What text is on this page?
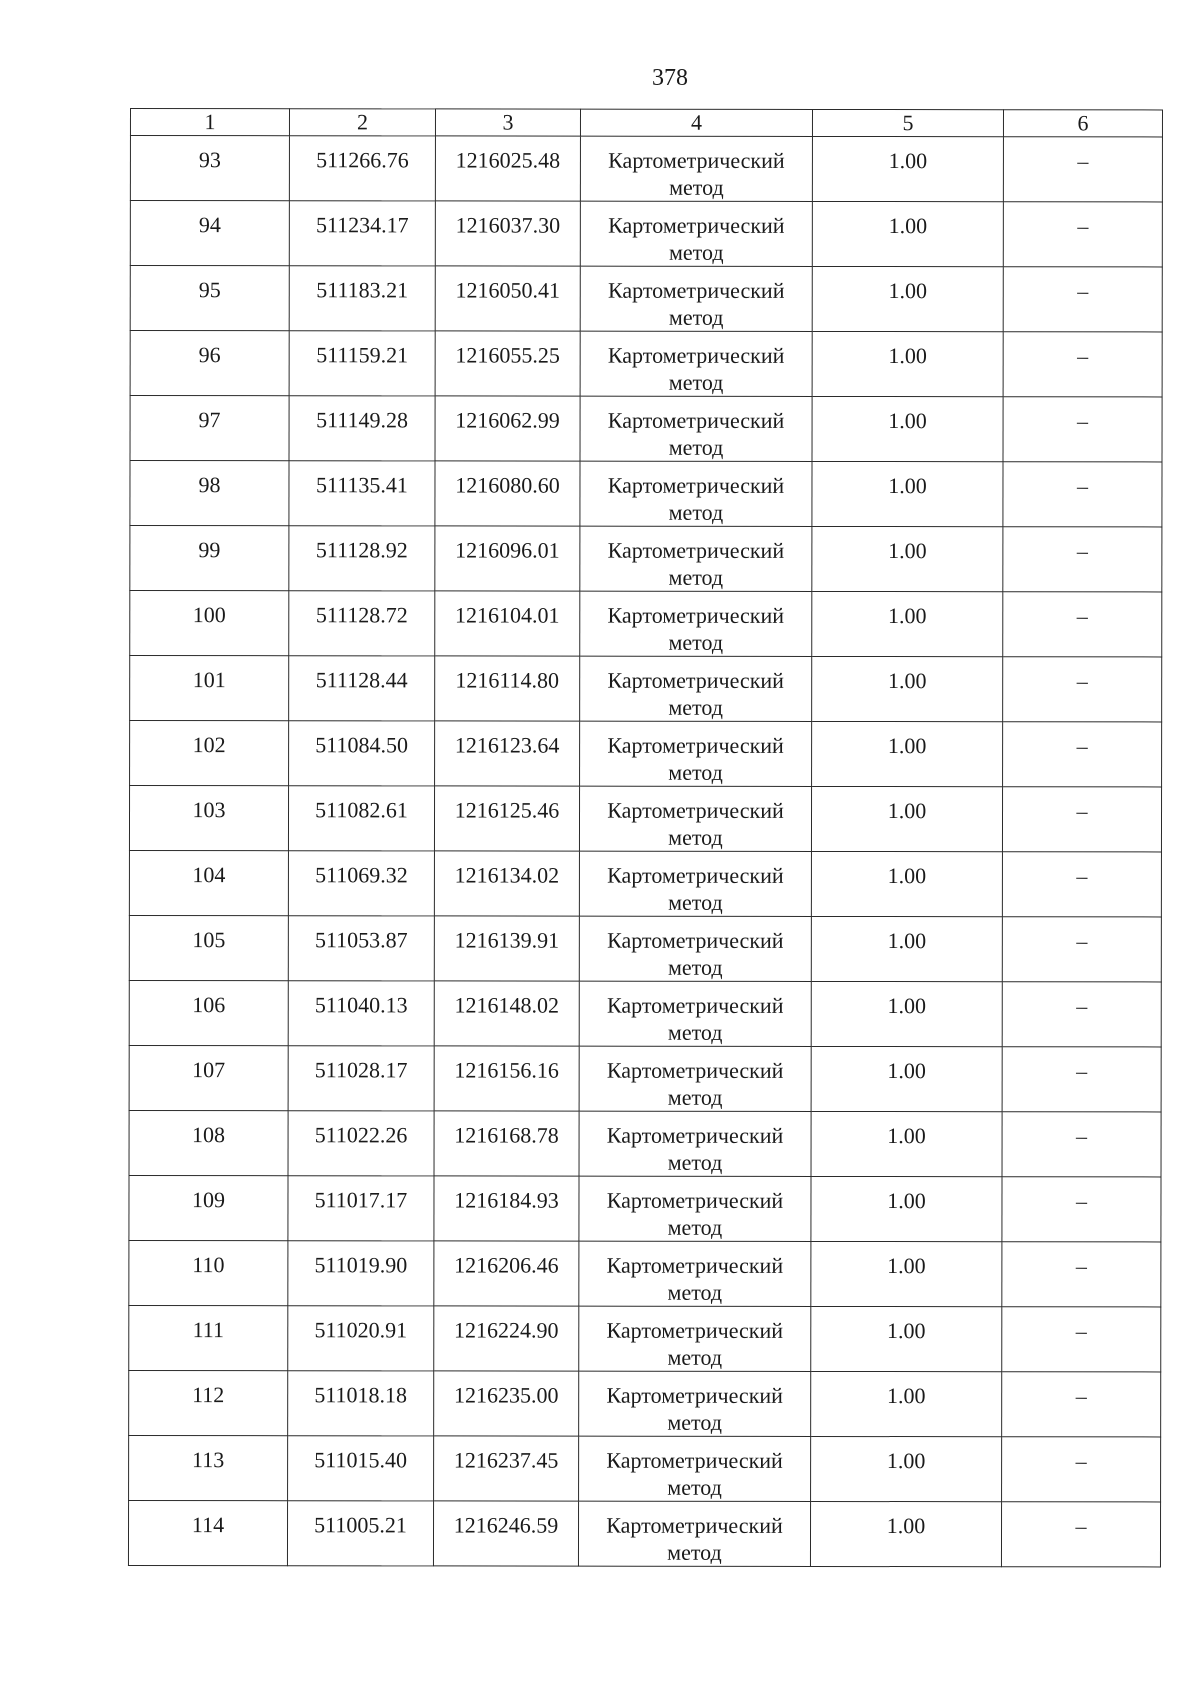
378
1	2	3	4	5	6
93	511266.76	1216025.48	Картометрический метод	1.00	–
94	511234.17	1216037.30	Картометрический метод	1.00	–
95	511183.21	1216050.41	Картометрический метод	1.00	–
96	511159.21	1216055.25	Картометрический метод	1.00	–
97	511149.28	1216062.99	Картометрический метод	1.00	–
98	511135.41	1216080.60	Картометрический метод	1.00	–
99	511128.92	1216096.01	Картометрический метод	1.00	–
100	511128.72	1216104.01	Картометрический метод	1.00	–
101	511128.44	1216114.80	Картометрический метод	1.00	–
102	511084.50	1216123.64	Картометрический метод	1.00	–
103	511082.61	1216125.46	Картометрический метод	1.00	–
104	511069.32	1216134.02	Картометрический метод	1.00	–
105	511053.87	1216139.91	Картометрический метод	1.00	–
106	511040.13	1216148.02	Картометрический метод	1.00	–
107	511028.17	1216156.16	Картометрический метод	1.00	–
108	511022.26	1216168.78	Картометрический метод	1.00	–
109	511017.17	1216184.93	Картометрический метод	1.00	–
110	511019.90	1216206.46	Картометрический метод	1.00	–
111	511020.91	1216224.90	Картометрический метод	1.00	–
112	511018.18	1216235.00	Картометрический метод	1.00	–
113	511015.40	1216237.45	Картометрический метод	1.00	–
114	511005.21	1216246.59	Картометрический метод	1.00	–
